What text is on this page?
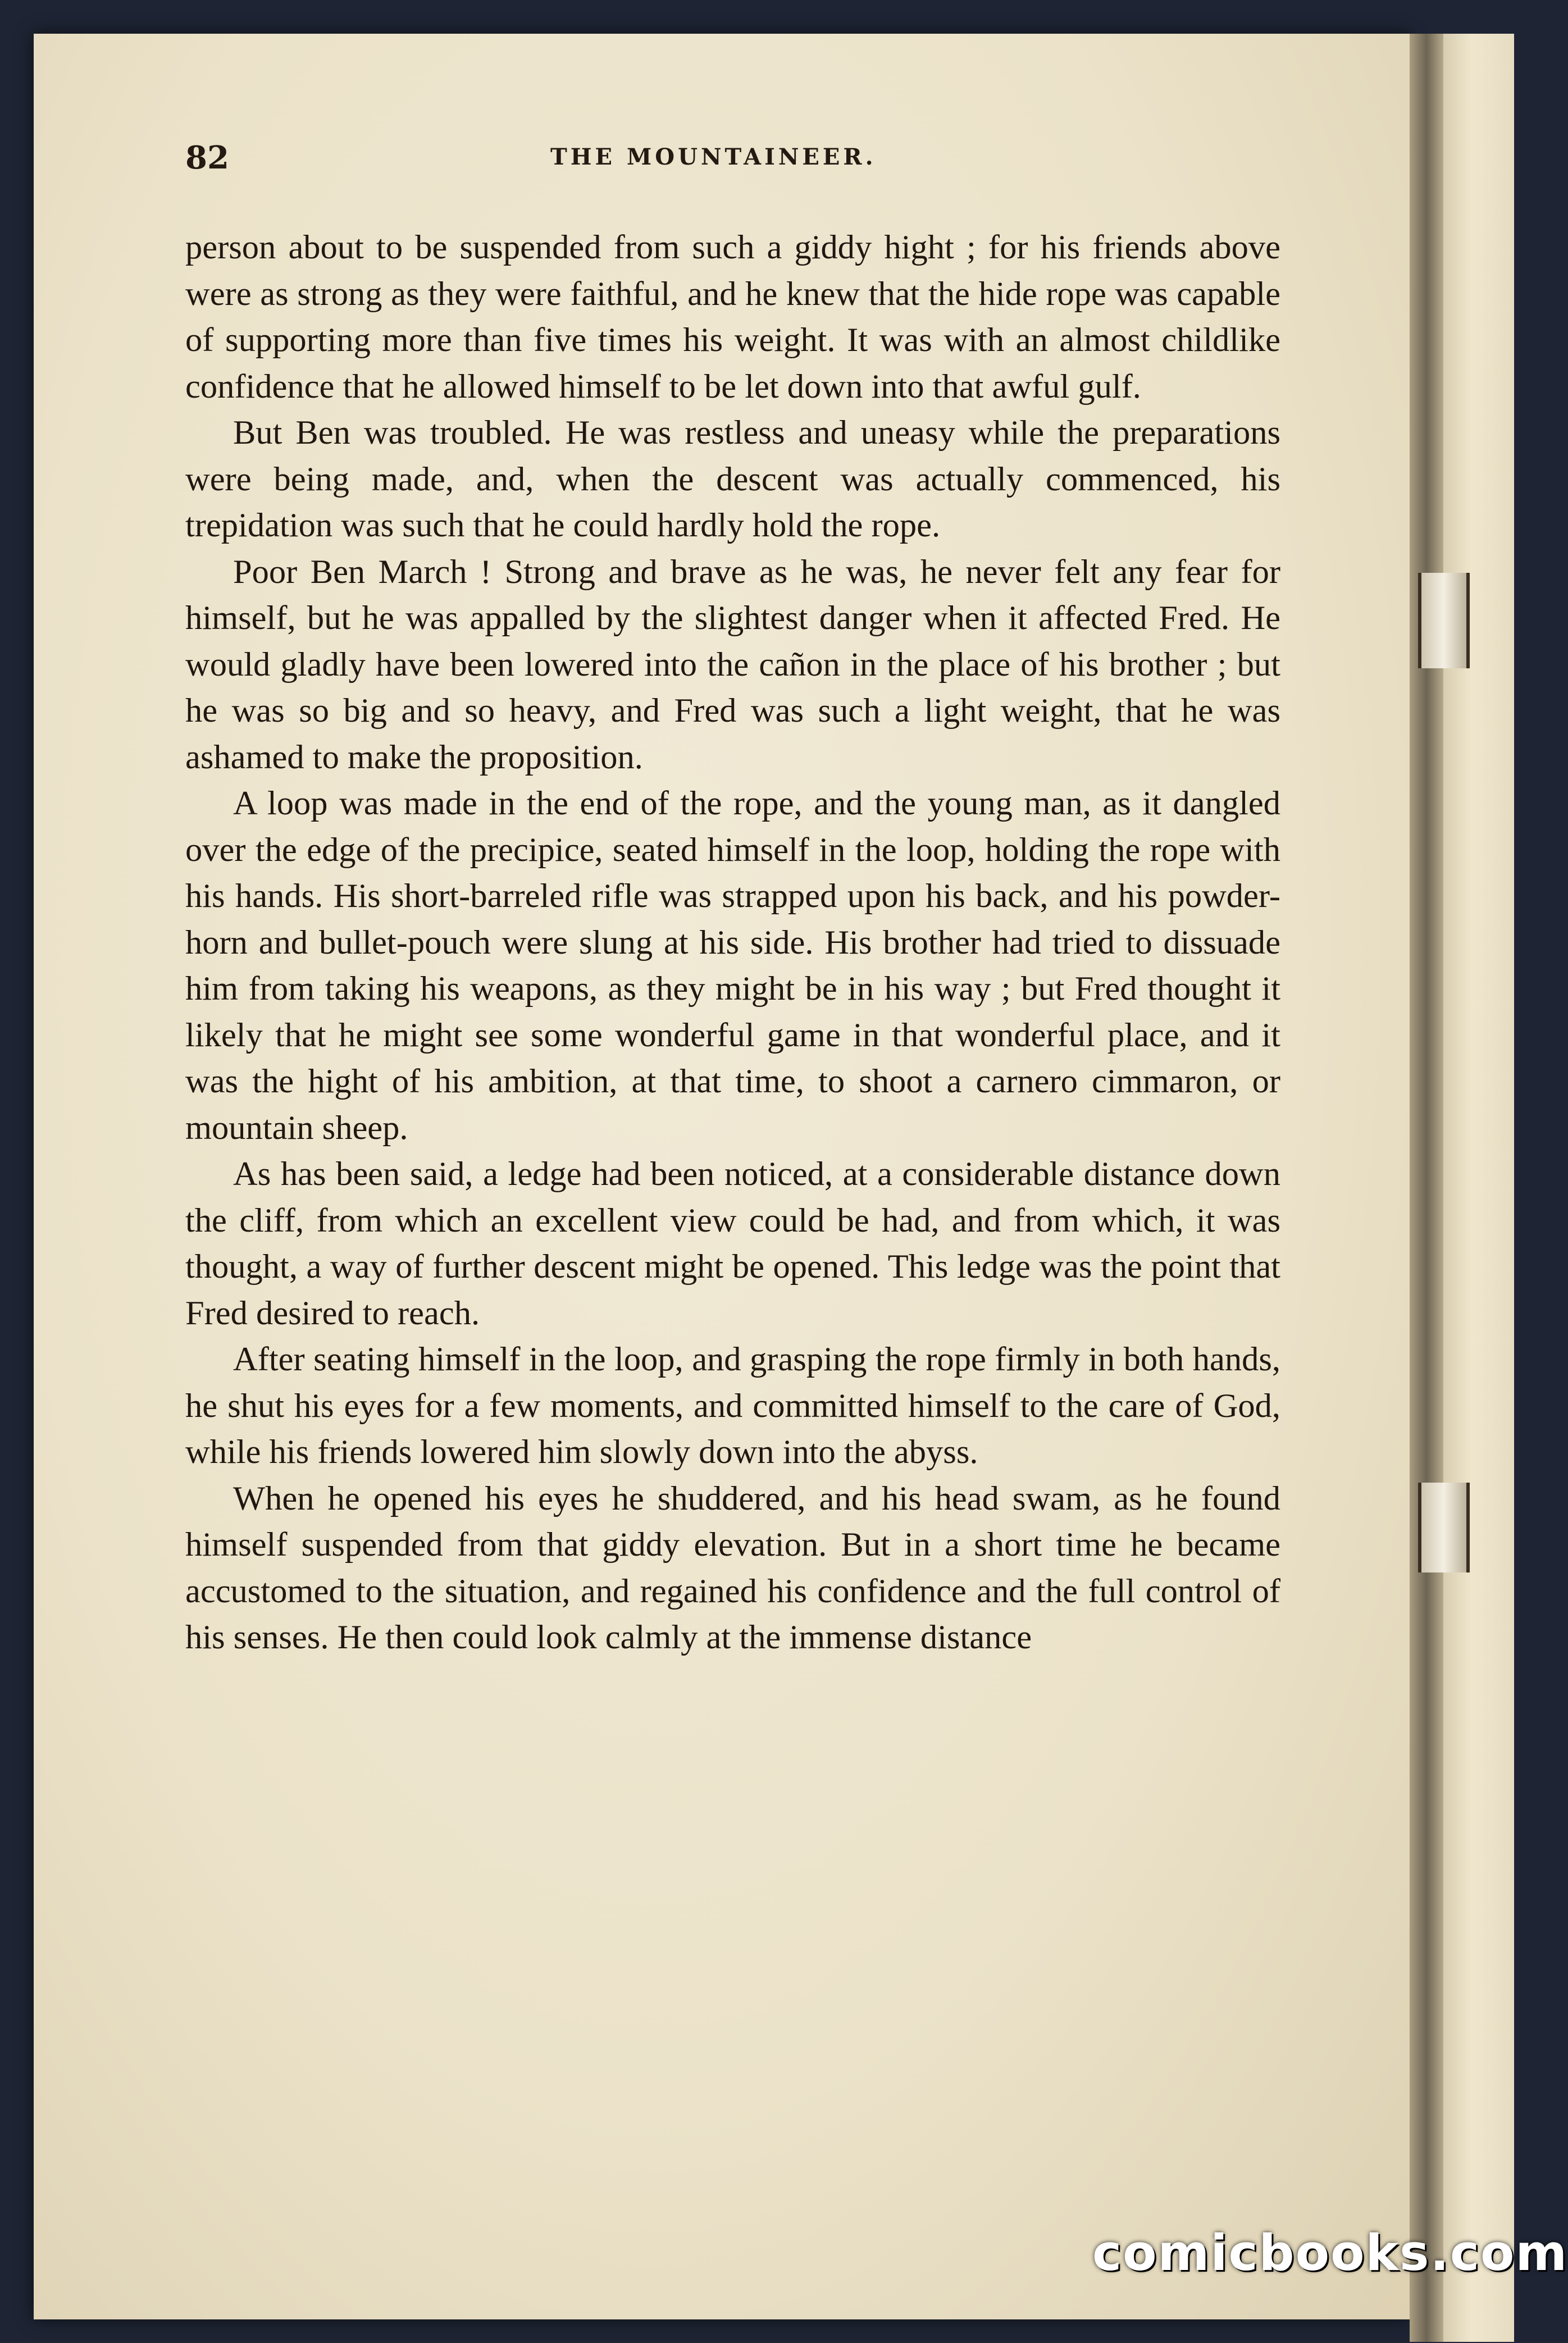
82	THE MOUNTAINEER.

person about to be suspended from such a giddy hight ; for his friends above were as strong as they were faithful, and he knew that the hide rope was capable of supporting more than five times his weight. It was with an almost childlike confidence that he allowed himself to be let down into that awful gulf.

But Ben was troubled. He was restless and uneasy while the preparations were being made, and, when the descent was actually commenced, his trepidation was such that he could hardly hold the rope.

Poor Ben March ! Strong and brave as he was, he never felt any fear for himself, but he was appalled by the slightest danger when it affected Fred. He would gladly have been lowered into the cañon in the place of his brother ; but he was so big and so heavy, and Fred was such a light weight, that he was ashamed to make the proposition.

A loop was made in the end of the rope, and the young man, as it dangled over the edge of the precipice, seated himself in the loop, holding the rope with his hands. His short-barreled rifle was strapped upon his back, and his powder-horn and bullet-pouch were slung at his side. His brother had tried to dissuade him from taking his weapons, as they might be in his way ; but Fred thought it likely that he might see some wonderful game in that wonderful place, and it was the hight of his ambition, at that time, to shoot a carnero cimmaron, or mountain sheep.

As has been said, a ledge had been noticed, at a considerable distance down the cliff, from which an excellent view could be had, and from which, it was thought, a way of further descent might be opened. This ledge was the point that Fred desired to reach.

After seating himself in the loop, and grasping the rope firmly in both hands, he shut his eyes for a few moments, and committed himself to the care of God, while his friends lowered him slowly down into the abyss.

When he opened his eyes he shuddered, and his head swam, as he found himself suspended from that giddy elevation. But in a short time he became accustomed to the situation, and regained his confidence and the full control of his senses. He then could look calmly at the immense distance

comicbooks.com
